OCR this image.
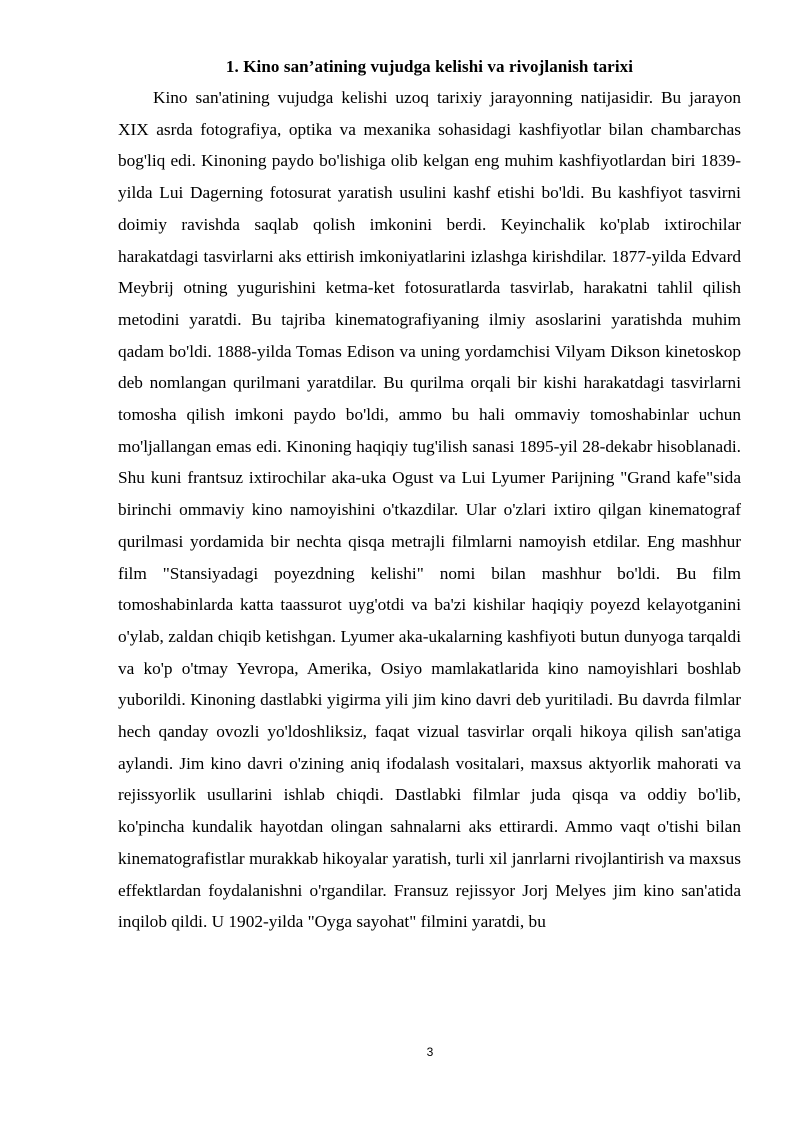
1. Kino san’atining vujudga kelishi va rivojlanish tarixi

Kino san'atining vujudga kelishi uzoq tarixiy jarayonning natijasidir. Bu jarayon XIX asrda fotografiya, optika va mexanika sohasidagi kashfiyotlar bilan chambarchas bog'liq edi. Kinoning paydo bo'lishiga olib kelgan eng muhim kashfiyotlardan biri 1839-yilda Lui Dagerning fotosurat yaratish usulini kashf etishi bo'ldi. Bu kashfiyot tasvirni doimiy ravishda saqlab qolish imkonini berdi. Keyinchalik ko'plab ixtirochilar harakatdagi tasvirlarni aks ettirish imkoniyatlarini izlashga kirishdilar. 1877-yilda Edvard Meybrij otning yugurishini ketma-ket fotosuratlarda tasvirlab, harakatni tahlil qilish metodini yaratdi. Bu tajriba kinematografiyaning ilmiy asoslarini yaratishda muhim qadam bo'ldi. 1888-yilda Tomas Edison va uning yordamchisi Vilyam Dikson kinetoskop deb nomlangan qurilmani yaratdilar. Bu qurilma orqali bir kishi harakatdagi tasvirlarni tomosha qilish imkoni paydo bo'ldi, ammo bu hali ommaviy tomoshabinlar uchun mo'ljallangan emas edi. Kinoning haqiqiy tug'ilish sanasi 1895-yil 28-dekabr hisoblanadi. Shu kuni frantsuz ixtirochilar aka-uka Ogust va Lui Lyumer Parijning "Grand kafe"sida birinchi ommaviy kino namoyishini o'tkazdilar. Ular o'zlari ixtiro qilgan kinematograf qurilmasi yordamida bir nechta qisqa metrajli filmlarni namoyish etdilar. Eng mashhur film "Stansiyadagi poyezdning kelishi" nomi bilan mashhur bo'ldi. Bu film tomoshabinlarda katta taassurot uyg'otdi va ba'zi kishilar haqiqiy poyezd kelayotganini o'ylab, zaldan chiqib ketishgan. Lyumer aka-ukalarning kashfiyoti butun dunyoga tarqaldi va ko'p o'tmay Yevropa, Amerika, Osiyo mamlakatlarida kino namoyishlari boshlab yuborildi. Kinoning dastlabki yigirma yili jim kino davri deb yuritiladi. Bu davrda filmlar hech qanday ovozli yo'ldoshliksiz, faqat vizual tasvirlar orqali hikoya qilish san'atiga aylandi. Jim kino davri o'zining aniq ifodalash vositalari, maxsus aktyorlik mahorati va rejissyorlik usullarini ishlab chiqdi. Dastlabki filmlar juda qisqa va oddiy bo'lib, ko'pincha kundalik hayotdan olingan sahnalarni aks ettirardi. Ammo vaqt o'tishi bilan kinematografistlar murakkab hikoyalar yaratish, turli xil janrlarni rivojlantirish va maxsus effektlardan foydalanishni o'rgandilar. Fransuz rejissyor Jorj Melyes jim kino san'atida inqilob qildi. U 1902-yilda "Oyga sayohat" filmini yaratdi, bu

3
